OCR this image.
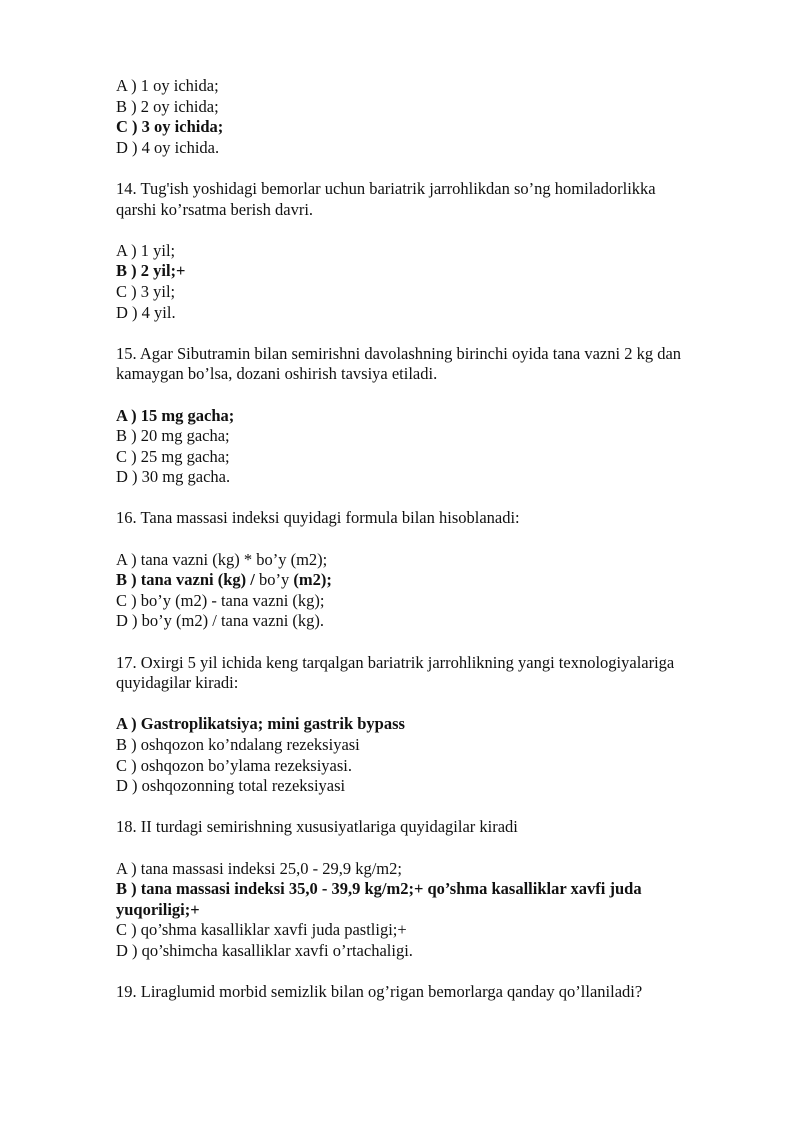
A ) 1 oy ichida;
B ) 2 oy ichida;
C ) 3 oy ichida;
D ) 4 oy ichida.
14. Tug'ish yoshidagi bemorlar uchun bariatrik jarrohlikdan so’ng homiladorlikka
qarshi ko’rsatma berish davri.
A ) 1 yil;
B ) 2 yil;+
C ) 3 yil;
D ) 4 yil.
15. Agar Sibutramin bilan semirishni davolashning birinchi oyida tana vazni 2 kg dan
kamaygan bo’lsa, dozani oshirish tavsiya etiladi.
A ) 15 mg gacha;
B ) 20 mg gacha;
C ) 25 mg gacha;
D ) 30 mg gacha.
16. Tana massasi indeksi quyidagi formula bilan hisoblanadi:
A ) tana vazni (kg) * bo’y (m2);
B ) tana vazni (kg) / bo’y (m2);
C ) bo’y (m2) - tana vazni (kg);
D ) bo’y (m2) / tana vazni (kg).
17. Oxirgi 5 yil ichida keng tarqalgan bariatrik jarrohlikning yangi texnologiyalariga
quyidagilar kiradi:
A ) Gastroplikatsiya; mini gastrik bypass
B ) oshqozon ko’ndalang rezeksiyasi
C ) oshqozon bo’ylama rezeksiyasi.
D ) oshqozonning total rezeksiyasi
18. II turdagi semirishning xususiyatlariga quyidagilar kiradi
A ) tana massasi indeksi 25,0 - 29,9 kg/m2;
B ) tana massasi indeksi 35,0 - 39,9 kg/m2;+ qo’shma kasalliklar xavfi juda
yuqoriligi;+
C ) qo’shma kasalliklar xavfi juda pastligi;+
D ) qo’shimcha kasalliklar xavfi o’rtachaligi.
19. Liraglumid morbid semizlik bilan og’rigan bemorlarga qanday qo’llaniladi?
